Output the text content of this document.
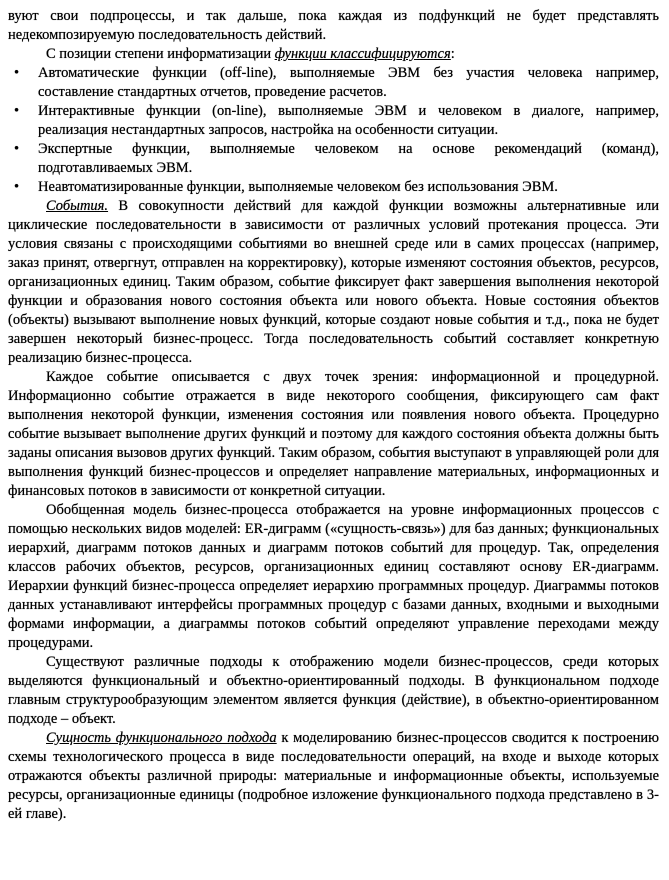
вуют свои подпроцессы, и так дальше, пока каждая из подфункций не будет представлять недекомпозируемую последовательность действий.

С позиции степени информатизации функции классифицируются:

• Автоматические функции (off-line), выполняемые ЭВМ без участия человека например, составление стандартных отчетов, проведение расчетов.

• Интерактивные функции (on-line), выполняемые ЭВМ и человеком в диалоге, например, реализация нестандартных запросов, настройка на особенности ситуации.

• Экспертные функции, выполняемые человеком на основе рекомендаций (команд), подготавливаемых ЭВМ.

• Неавтоматизированные функции, выполняемые человеком без использования ЭВМ.

События. В совокупности действий для каждой функции возможны альтернативные или циклические последовательности в зависимости от различных условий протекания процесса. Эти условия связаны с происходящими событиями во внешней среде или в самих процессах (например, заказ принят, отвергнут, отправлен на корректировку), которые изменяют состояния объектов, ресурсов, организационных единиц. Таким образом, событие фиксирует факт завершения выполнения некоторой функции и образования нового состояния объекта или нового объекта. Новые состояния объектов (объекты) вызывают выполнение новых функций, которые создают новые события и т.д., пока не будет завершен некоторый бизнес-процесс. Тогда последовательность событий составляет конкретную реализацию бизнес-процесса.

Каждое событие описывается с двух точек зрения: информационной и процедурной. Информационно событие отражается в виде некоторого сообщения, фиксирующего сам факт выполнения некоторой функции, изменения состояния или появления нового объекта. Процедурно событие вызывает выполнение других функций и поэтому для каждого состояния объекта должны быть заданы описания вызовов других функций. Таким образом, события выступают в управляющей роли для выполнения функций бизнес-процессов и определяет направление материальных, информационных и финансовых потоков в зависимости от конкретной ситуации.

Обобщенная модель бизнес-процесса отображается на уровне информационных процессов с помощью нескольких видов моделей: ER-диграмм («сущность-связь») для баз данных; функциональных иерархий, диаграмм потоков данных и диаграмм потоков событий для процедур. Так, определения классов рабочих объектов, ресурсов, организационных единиц составляют основу ER-диаграмм. Иерархии функций бизнес-процесса определяет иерархию программных процедур. Диаграммы потоков данных устанавливают интерфейсы программных процедур с базами данных, входными и выходными формами информации, а диаграммы потоков событий определяют управление переходами между процедурами.

Существуют различные подходы к отображению модели бизнес-процессов, среди которых выделяются функциональный и объектно-ориентированный подходы. В функциональном подходе главным структурообразующим элементом является функция (действие), в объектно-ориентированном подходе – объект.

Сущность функционального подхода к моделированию бизнес-процессов сводится к построению схемы технологического процесса в виде последовательности операций, на входе и выходе которых отражаются объекты различной природы: материальные и информационные объекты, используемые ресурсы, организационные единицы (подробное изложение функционального подхода представлено в 3-ей главе).
